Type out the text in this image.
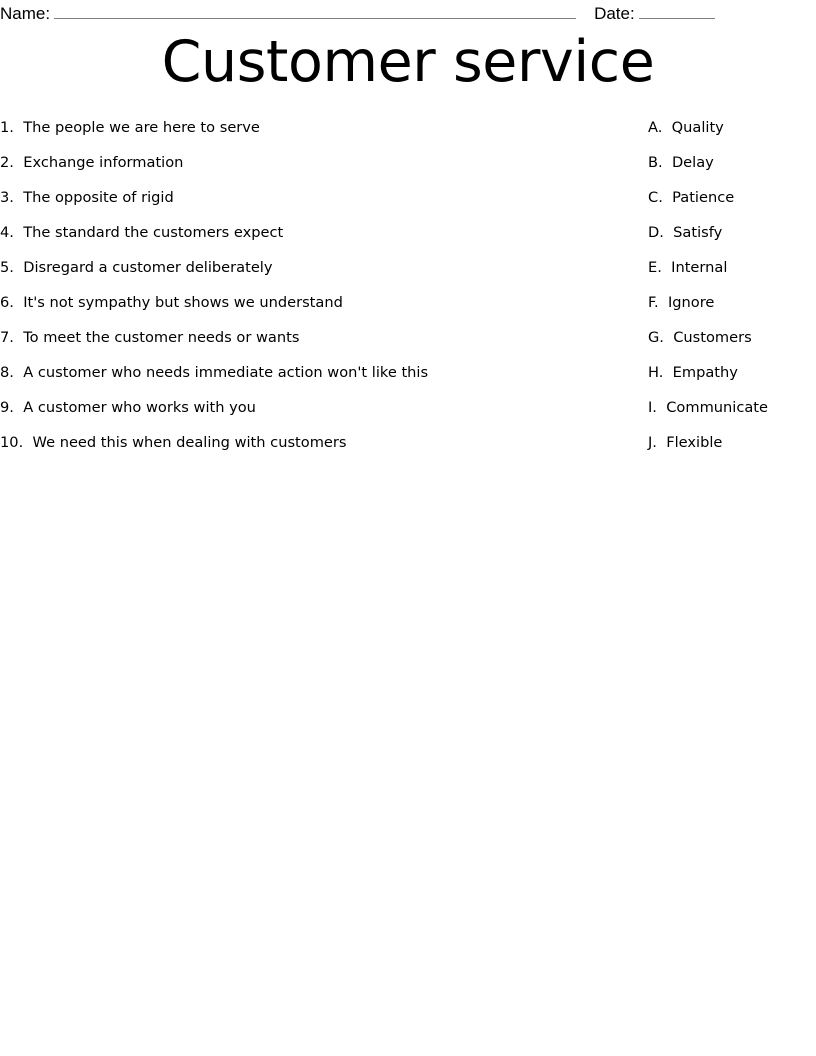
Name:	Date:
Customer service
1.  The people we are here to serve
2.  Exchange information
3.  The opposite of rigid
4.  The standard the customers expect
5.  Disregard a customer deliberately
6.  It's not sympathy but shows we understand
7.  To meet the customer needs or wants
8.  A customer who needs immediate action won't like this
9.  A customer who works with you
10.  We need this when dealing with customers
A.  Quality
B.  Delay
C.  Patience
D.  Satisfy
E.  Internal
F.  Ignore
G.  Customers
H.  Empathy
I.  Communicate
J.  Flexible
